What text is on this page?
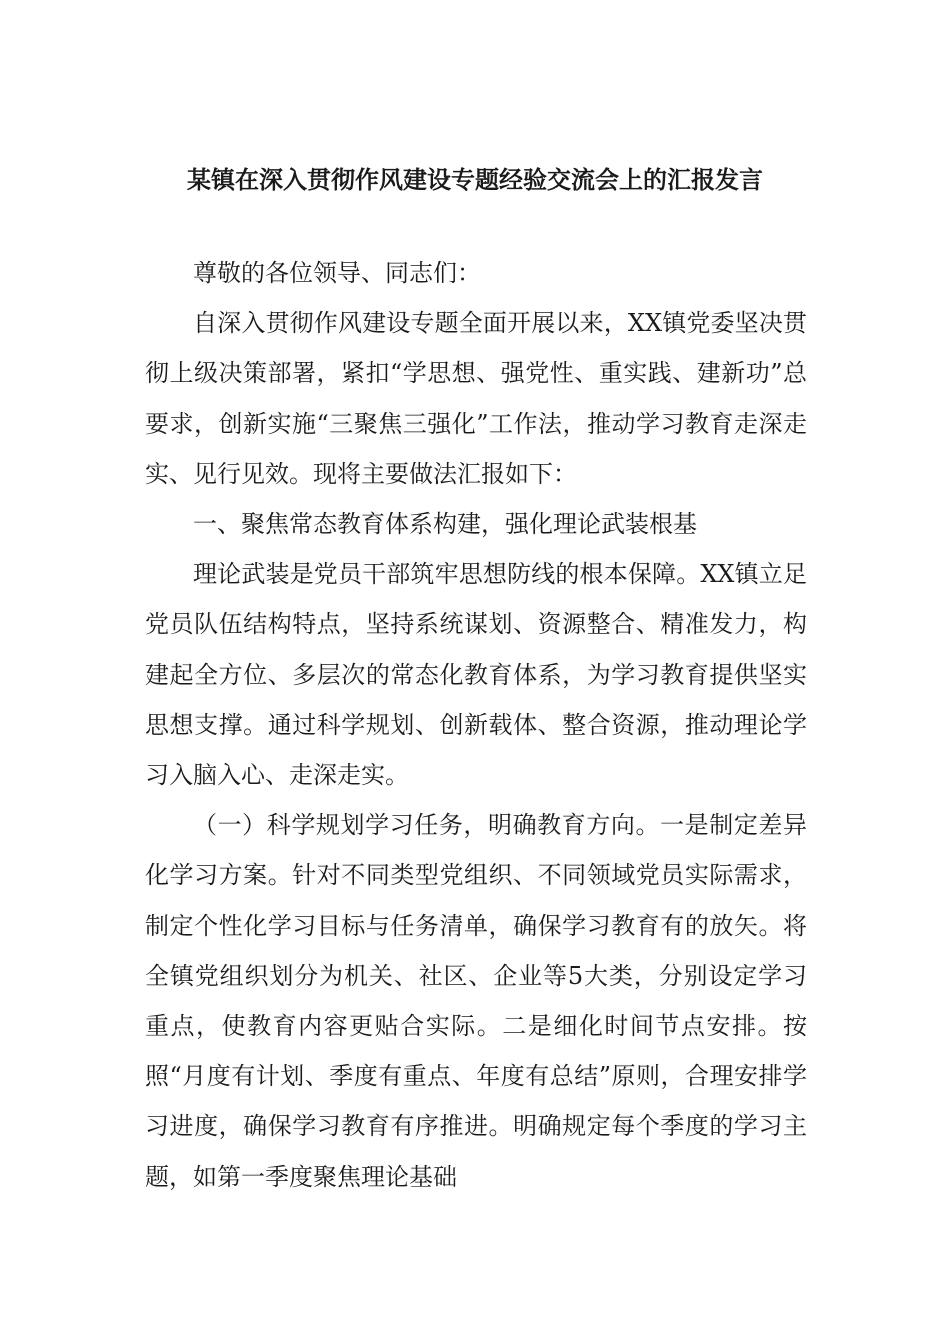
某镇在深入贯彻作风建设专题经验交流会上的汇报发言

尊敬的各位领导、同志们：

自深入贯彻作风建设专题全面开展以来，XX镇党委坚决贯彻上级决策部署，紧扣“学思想、强党性、重实践、建新功”总要求，创新实施“三聚焦三强化”工作法，推动学习教育走深走实、见行见效。现将主要做法汇报如下：

一、聚焦常态教育体系构建，强化理论武装根基

理论武装是党员干部筑牢思想防线的根本保障。XX镇立足党员队伍结构特点，坚持系统谋划、资源整合、精准发力，构建起全方位、多层次的常态化教育体系，为学习教育提供坚实思想支撑。通过科学规划、创新载体、整合资源，推动理论学习入脑入心、走深走实。

（一）科学规划学习任务，明确教育方向。一是制定差异化学习方案。针对不同类型党组织、不同领域党员实际需求，制定个性化学习目标与任务清单，确保学习教育有的放矢。将全镇党组织划分为机关、社区、企业等5大类，分别设定学习重点，使教育内容更贴合实际。二是细化时间节点安排。按照“月度有计划、季度有重点、年度有总结”原则，合理安排学习进度，确保学习教育有序推进。明确规定每个季度的学习主题，如第一季度聚焦理论基础
